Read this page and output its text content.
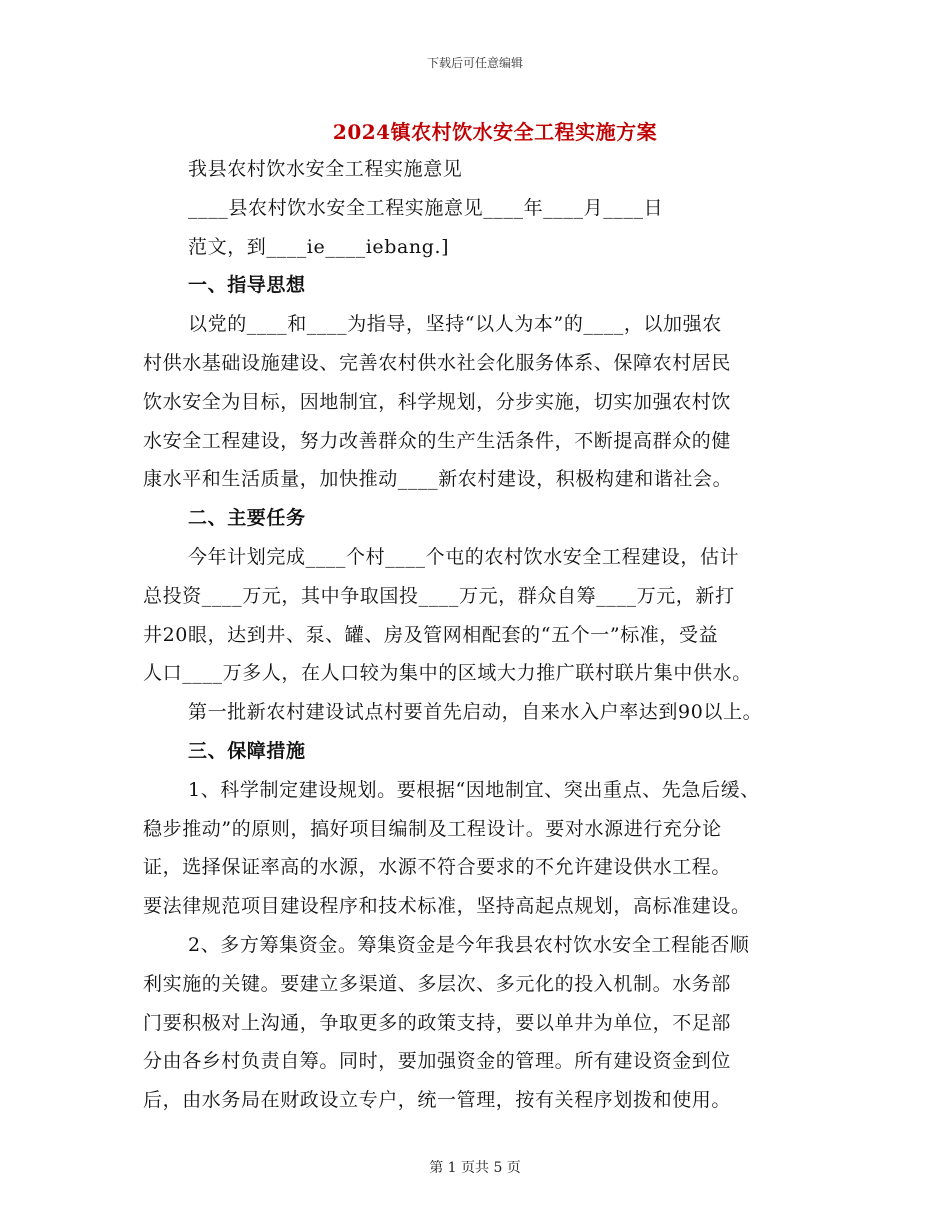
下载后可任意编辑
2024镇农村饮水安全工程实施方案
我县农村饮水安全工程实施意见
____县农村饮水安全工程实施意见____年____月____日
范文，到____ie____iebang.]
一、指导思想
以党的____和____为指导，坚持“以人为本”的____，以加强农
村供水基础设施建设、完善农村供水社会化服务体系、保障农村居民
饮水安全为目标，因地制宜，科学规划，分步实施，切实加强农村饮
水安全工程建设，努力改善群众的生产生活条件，不断提高群众的健
康水平和生活质量，加快推动____新农村建设，积极构建和谐社会。
二、主要任务
今年计划完成____个村____个屯的农村饮水安全工程建设，估计
总投资____万元，其中争取国投____万元，群众自筹____万元，新打
井20眼，达到井、泵、罐、房及管网相配套的“五个一”标准，受益
人口____万多人，在人口较为集中的区域大力推广联村联片集中供水。
第一批新农村建设试点村要首先启动，自来水入户率达到90以上。
三、保障措施
1、科学制定建设规划。要根据“因地制宜、突出重点、先急后缓、
稳步推动”的原则，搞好项目编制及工程设计。要对水源进行充分论
证，选择保证率高的水源，水源不符合要求的不允许建设供水工程。
要法律规范项目建设程序和技术标准，坚持高起点规划，高标准建设。
2、多方筹集资金。筹集资金是今年我县农村饮水安全工程能否顺
利实施的关键。要建立多渠道、多层次、多元化的投入机制。水务部
门要积极对上沟通，争取更多的政策支持，要以单井为单位，不足部
分由各乡村负责自筹。同时，要加强资金的管理。所有建设资金到位
后，由水务局在财政设立专户，统一管理，按有关程序划拨和使用。
第 1 页共 5 页
